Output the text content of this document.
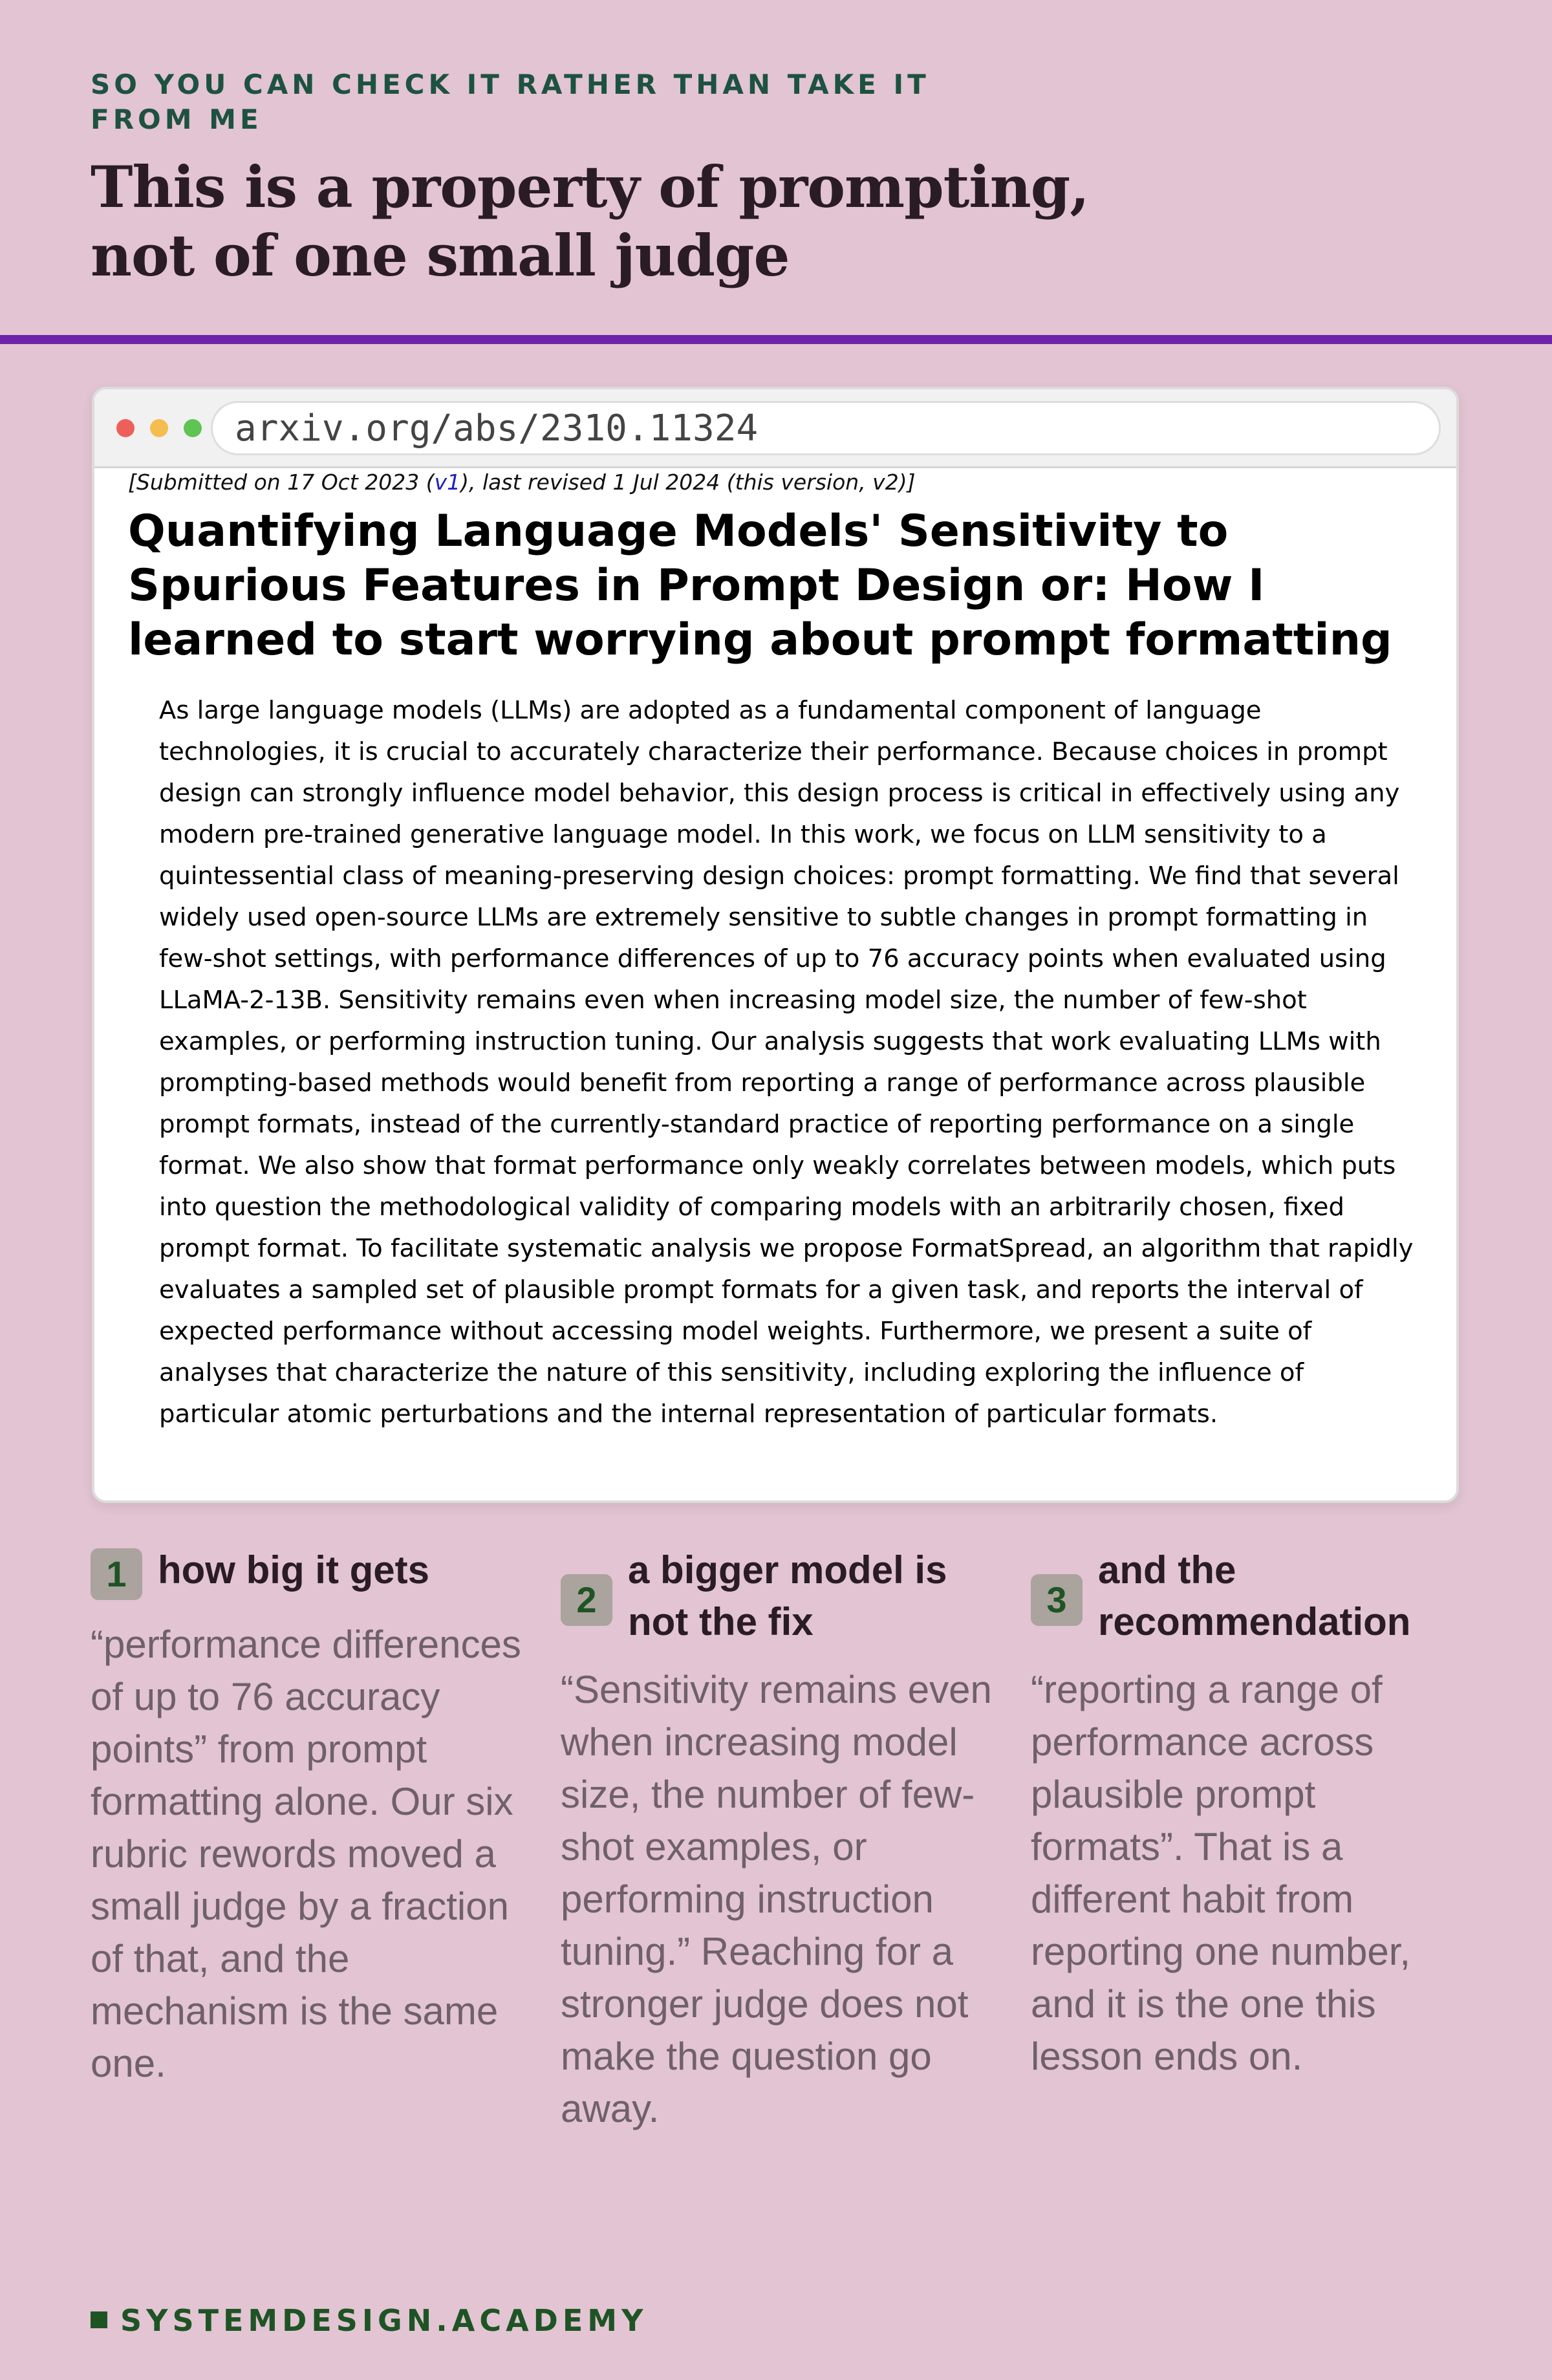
SO YOU CAN CHECK IT RATHER THAN TAKE IT FROM ME
This is a property of prompting, not of one small judge
arxiv.org/abs/2310.11324
[Submitted on 17 Oct 2023 (v1), last revised 1 Jul 2024 (this version, v2)]
Quantifying Language Models' Sensitivity to Spurious Features in Prompt Design or: How I learned to start worrying about prompt formatting
As large language models (LLMs) are adopted as a fundamental component of language technologies, it is crucial to accurately characterize their performance. Because choices in prompt design can strongly influence model behavior, this design process is critical in effectively using any modern pre-trained generative language model. In this work, we focus on LLM sensitivity to a quintessential class of meaning-preserving design choices: prompt formatting. We find that several widely used open-source LLMs are extremely sensitive to subtle changes in prompt formatting in few-shot settings, with performance differences of up to 76 accuracy points when evaluated using LLaMA-2-13B. Sensitivity remains even when increasing model size, the number of few-shot examples, or performing instruction tuning. Our analysis suggests that work evaluating LLMs with prompting-based methods would benefit from reporting a range of performance across plausible prompt formats, instead of the currently-standard practice of reporting performance on a single format. We also show that format performance only weakly correlates between models, which puts into question the methodological validity of comparing models with an arbitrarily chosen, fixed prompt format. To facilitate systematic analysis we propose FormatSpread, an algorithm that rapidly evaluates a sampled set of plausible prompt formats for a given task, and reports the interval of expected performance without accessing model weights. Furthermore, we present a suite of analyses that characterize the nature of this sensitivity, including exploring the influence of particular atomic perturbations and the internal representation of particular formats.
1 how big it gets
“performance differences of up to 76 accuracy points” from prompt formatting alone. Our six rubric rewords moved a small judge by a fraction of that, and the mechanism is the same one.
2
a bigger model is not the fix
“Sensitivity remains even when increasing model size, the number of few-shot examples, or performing instruction tuning.” Reaching for a stronger judge does not make the question go away.
3
and the recommendation
“reporting a range of performance across plausible prompt formats”. That is a different habit from reporting one number, and it is the one this lesson ends on.
SYSTEMDESIGN.ACADEMY
